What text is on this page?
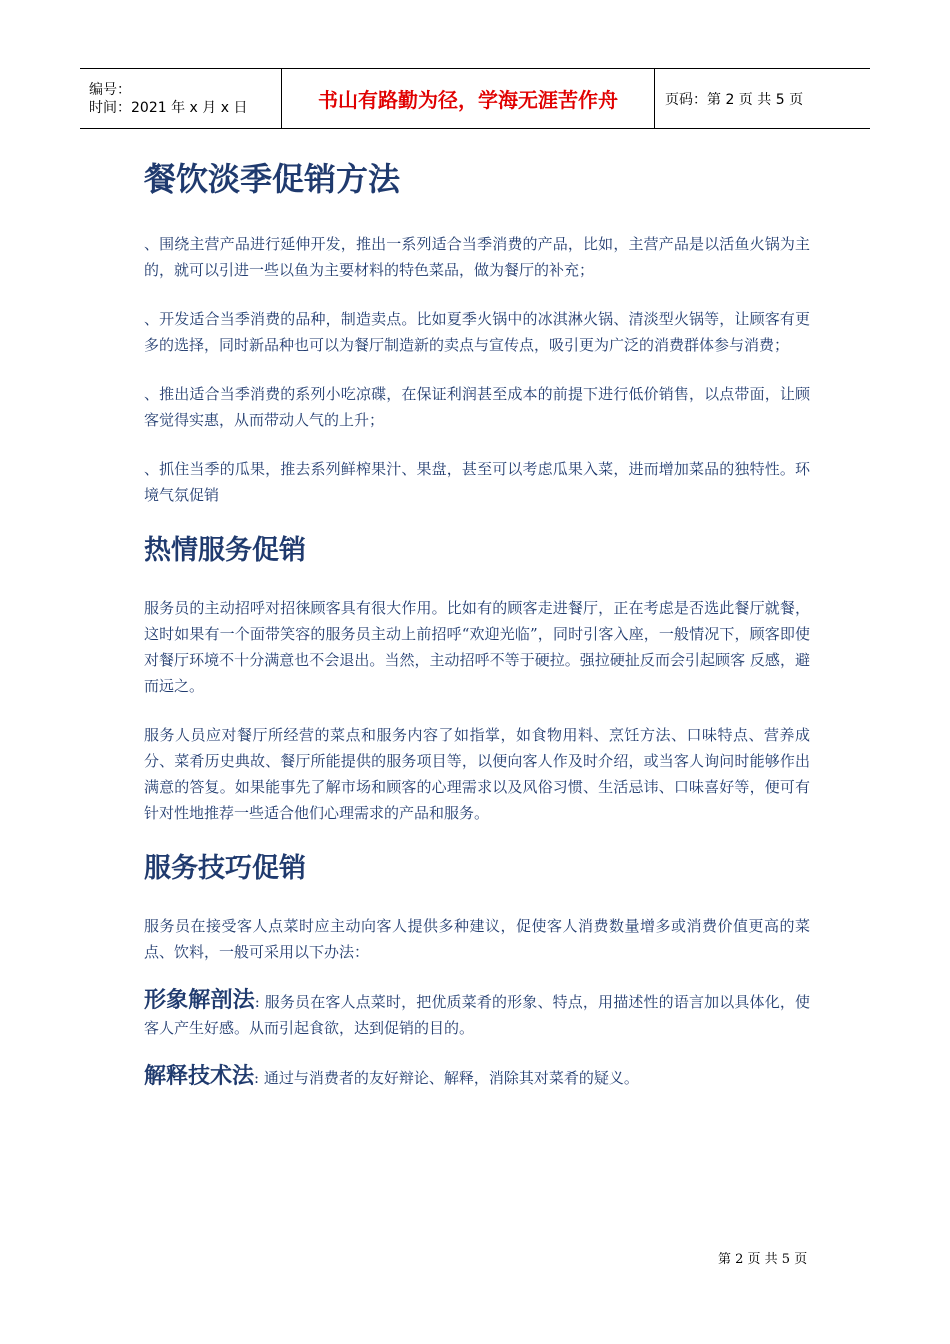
编号：
时间：2021 年 x 月 x 日	书山有路勤为径，学海无涯苦作舟	页码：第 2 页 共 5 页
餐饮淡季促销方法

、围绕主营产品进行延伸开发，推出一系列适合当季消费的产品，比如，主营产品是以活鱼火锅为主的，就可以引进一些以鱼为主要材料的特色菜品，做为餐厅的补充；

、开发适合当季消费的品种，制造卖点。比如夏季火锅中的冰淇淋火锅、清淡型火锅等，让顾客有更多的选择，同时新品种也可以为餐厅制造新的卖点与宣传点，吸引更为广泛的消费群体参与消费；

、推出适合当季消费的系列小吃凉碟，在保证利润甚至成本的前提下进行低价销售，以点带面，让顾客觉得实惠，从而带动人气的上升；

、抓住当季的瓜果，推去系列鲜榨果汁、果盘，甚至可以考虑瓜果入菜，进而增加菜品的独特性。环境气氛促销

热情服务促销

服务员的主动招呼对招徕顾客具有很大作用。比如有的顾客走进餐厅，正在考虑是否选此餐厅就餐，这时如果有一个面带笑容的服务员主动上前招呼“欢迎光临”，同时引客入座，一般情况下，顾客即使对餐厅环境不十分满意也不会退出。当然，主动招呼不等于硬拉。强拉硬扯反而会引起顾客 反感，避而远之。

服务人员应对餐厅所经营的菜点和服务内容了如指掌，如食物用料、烹饪方法、口味特点、营养成分、菜肴历史典故、餐厅所能提供的服务项目等，以便向客人作及时介绍，或当客人询问时能够作出满意的答复。如果能事先了解市场和顾客的心理需求以及风俗习惯、生活忌讳、口味喜好等，便可有针对性地推荐一些适合他们心理需求的产品和服务。

服务技巧促销

服务员在接受客人点菜时应主动向客人提供多种建议，促使客人消费数量增多或消费价值更高的菜点、饮料，一般可采用以下办法：

形象解剖法: 服务员在客人点菜时，把优质菜肴的形象、特点，用描述性的语言加以具体化，使客人产生好感。从而引起食欲，达到促销的目的。

解释技术法: 通过与消费者的友好辩论、解释，消除其对菜肴的疑义。

第 2 页 共 5 页
